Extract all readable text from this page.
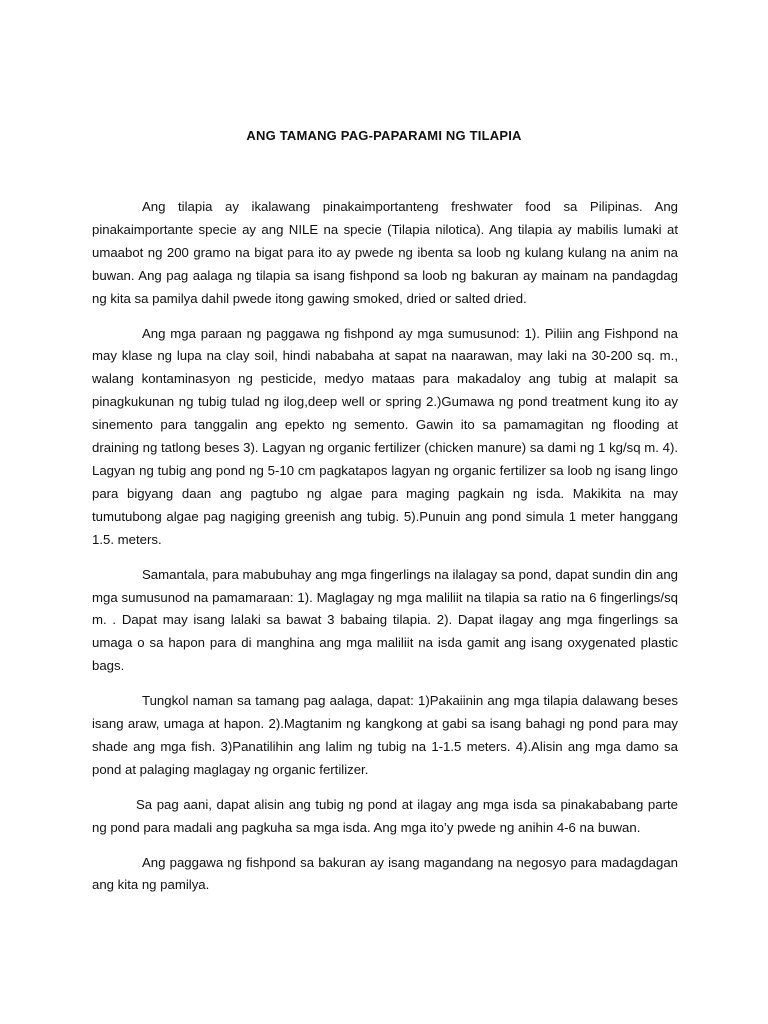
ANG TAMANG PAG-PAPARAMI NG TILAPIA

Ang tilapia ay ikalawang pinakaimportanteng freshwater food sa Pilipinas. Ang pinakaimportante specie ay ang NILE na specie (Tilapia nilotica). Ang tilapia ay mabilis lumaki at umaabot ng 200 gramo na bigat para ito ay pwede ng ibenta sa loob ng kulang kulang na anim na buwan. Ang pag aalaga ng tilapia sa isang fishpond sa loob ng bakuran ay mainam na pandagdag ng kita sa pamilya dahil pwede itong gawing smoked, dried or salted dried.

Ang mga paraan ng paggawa ng fishpond ay mga sumusunod: 1). Piliin ang Fishpond na may klase ng lupa na clay soil, hindi nababaha at sapat na naarawan, may laki na 30-200 sq. m., walang kontaminasyon ng pesticide, medyo mataas para makadaloy ang tubig at malapit sa pinagkukunan ng tubig tulad ng ilog,deep well or spring 2.)Gumawa ng pond treatment kung ito ay sinemento para tanggalin ang epekto ng semento. Gawin ito sa pamamagitan ng flooding at draining ng tatlong beses 3). Lagyan ng organic fertilizer (chicken manure) sa dami ng 1 kg/sq m. 4). Lagyan ng tubig ang pond ng 5-10 cm pagkatapos lagyan ng organic fertilizer sa loob ng isang lingo para bigyang daan ang pagtubo ng algae para maging pagkain ng isda. Makikita na may tumutubong algae pag nagiging greenish ang tubig. 5).Punuin ang pond simula 1 meter hanggang 1.5. meters.

Samantala, para mabubuhay ang mga fingerlings na ilalagay sa pond, dapat sundin din ang mga sumusunod na pamamaraan: 1). Maglagay ng mga maliliit na tilapia sa ratio na 6 fingerlings/sq m. . Dapat may isang lalaki sa bawat 3 babaing tilapia. 2). Dapat ilagay ang mga fingerlings sa umaga o sa hapon para di manghina ang mga maliliit na isda gamit ang isang oxygenated plastic bags.

Tungkol naman sa tamang pag aalaga, dapat: 1)Pakaiinin ang mga tilapia dalawang beses isang araw, umaga at hapon. 2).Magtanim ng kangkong at gabi sa isang bahagi ng pond para may shade ang mga fish. 3)Panatilihin ang lalim ng tubig na 1-1.5 meters. 4).Alisin ang mga damo sa pond at palaging maglagay ng organic fertilizer.

Sa pag aani, dapat alisin ang tubig ng pond at ilagay ang mga isda sa pinakababang parte ng pond para madali ang pagkuha sa mga isda. Ang mga ito’y pwede ng anihin 4-6 na buwan.

Ang paggawa ng fishpond sa bakuran ay isang magandang na negosyo para madagdagan ang kita ng pamilya.
